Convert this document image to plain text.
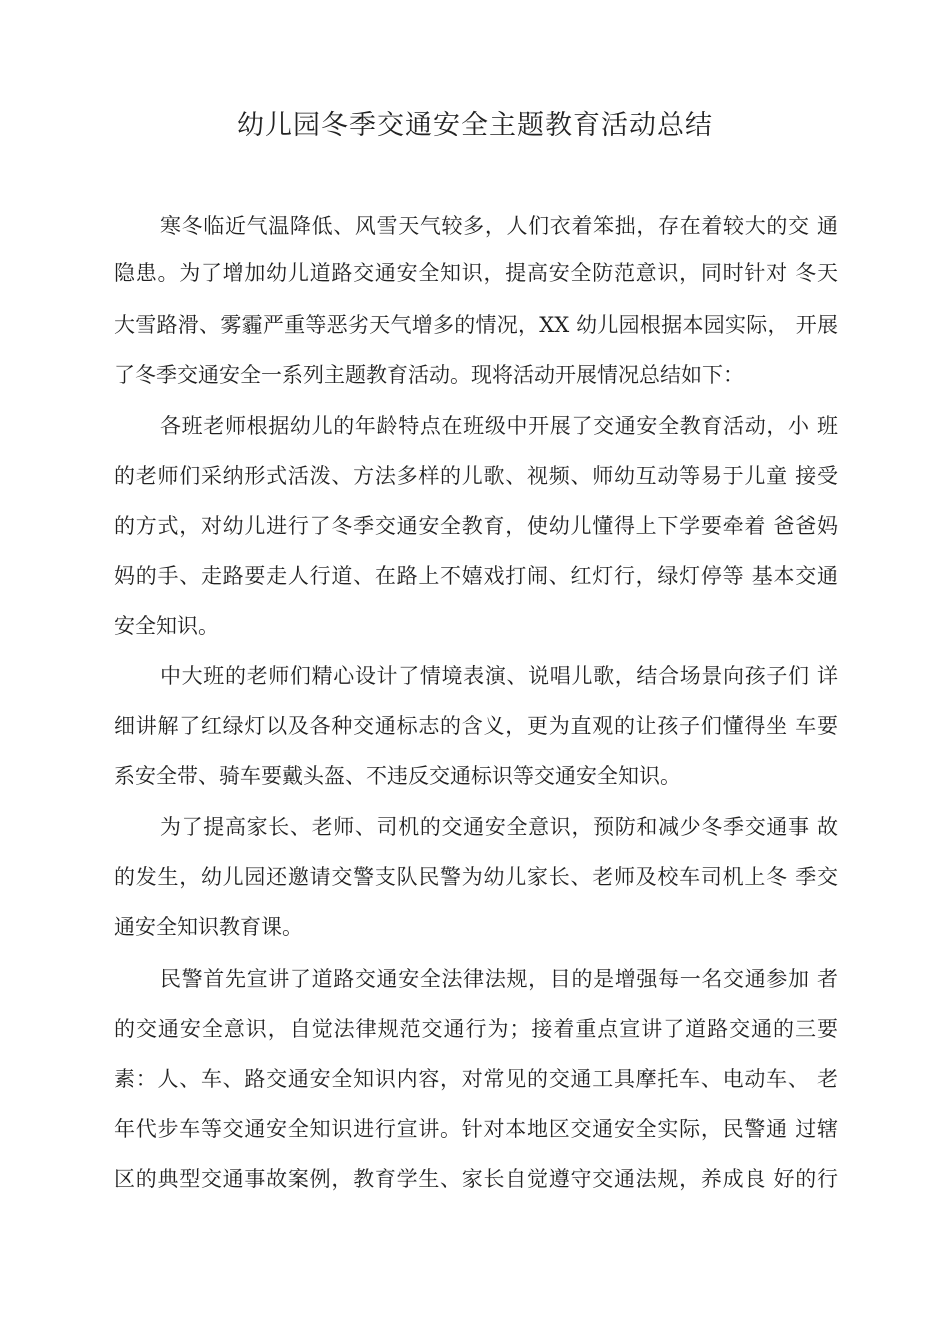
幼儿园冬季交通安全主题教育活动总结
寒冬临近气温降低、风雪天气较多，人们衣着笨拙，存在着较大的交 通
隐患。为了增加幼儿道路交通安全知识，提高安全防范意识，同时针对 冬天
大雪路滑、雾霾严重等恶劣天气增多的情况，XX 幼儿园根据本园实际， 开展
了冬季交通安全一系列主题教育活动。现将活动开展情况总结如下：
各班老师根据幼儿的年龄特点在班级中开展了交通安全教育活动，小 班
的老师们采纳形式活泼、方法多样的儿歌、视频、师幼互动等易于儿童 接受
的方式，对幼儿进行了冬季交通安全教育，使幼儿懂得上下学要牵着 爸爸妈
妈的手、走路要走人行道、在路上不嬉戏打闹、红灯行，绿灯停等 基本交通
安全知识。
中大班的老师们精心设计了情境表演、说唱儿歌，结合场景向孩子们 详
细讲解了红绿灯以及各种交通标志的含义，更为直观的让孩子们懂得坐 车要
系安全带、骑车要戴头盔、不违反交通标识等交通安全知识。
为了提高家长、老师、司机的交通安全意识，预防和减少冬季交通事 故
的发生，幼儿园还邀请交警支队民警为幼儿家长、老师及校车司机上冬 季交
通安全知识教育课。
民警首先宣讲了道路交通安全法律法规，目的是增强每一名交通参加 者
的交通安全意识，自觉法律规范交通行为；接着重点宣讲了道路交通的三要
素：人、车、路交通安全知识内容，对常见的交通工具摩托车、电动车、 老
年代步车等交通安全知识进行宣讲。针对本地区交通安全实际，民警通 过辖
区的典型交通事故案例，教育学生、家长自觉遵守交通法规，养成良 好的行
